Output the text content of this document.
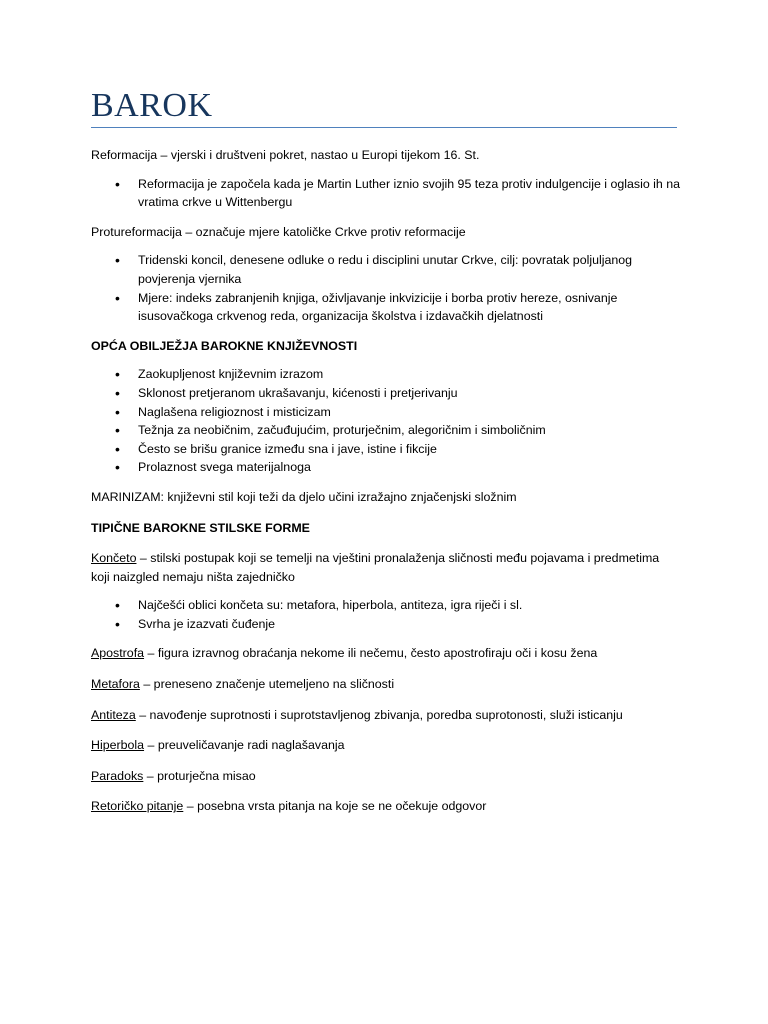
BAROK

Reformacija – vjerski i društveni pokret, nastao u Europi tijekom 16. St.

• Reformacija je započela kada je Martin Luther iznio svojih 95 teza protiv indulgencije i oglasio ih na vratima crkve u Wittenbergu

Protureformacija – označuje mjere katoličke Crkve protiv reformacije

• Tridenski koncil, denesene odluke o redu i disciplini unutar Crkve, cilj: povratak poljuljanog povjerenja vjernika
• Mjere: indeks zabranjenih knjiga, oživljavanje inkvizicije i borba protiv hereze, osnivanje isusovačkoga crkvenog reda, organizacija školstva i izdavačkih djelatnosti

OPĆA OBILJEŽJA BAROKNE KNJIŽEVNOSTI

• Zaokupljenost književnim izrazom
• Sklonost pretjeranom ukrašavanju, kićenosti i pretjerivanju
• Naglašena religioznost i misticizam
• Težnja za neobičnim, začuđujućim, proturječnim, alegoričnim i simboličnim
• Često se brišu granice između sna i jave, istine i fikcije
• Prolaznost svega materijalnoga

MARINIZAM: književni stil koji teži da djelo učini izražajno znjačenjski složnim

TIPIČNE BAROKNE STILSKE FORME

Končeto – stilski postupak koji se temelji na vještini pronalaženja sličnosti među pojavama i predmetima koji naizgled nemaju ništa zajedničko

• Najčešći oblici končeta su: metafora, hiperbola, antiteza, igra riječi i sl.
• Svrha je izazvati čuđenje

Apostrofa – figura izravnog obraćanja nekome ili nečemu, često apostrofiraju oči i kosu žena

Metafora – preneseno značenje utemeljeno na sličnosti

Antiteza – navođenje suprotnosti i suprotstavljenog zbivanja, poredba suprotonosti, služi isticanju

Hiperbola – preuveličavanje radi naglašavanja

Paradoks – proturječna misao

Retoričko pitanje – posebna vrsta pitanja na koje se ne očekuje odgovor
